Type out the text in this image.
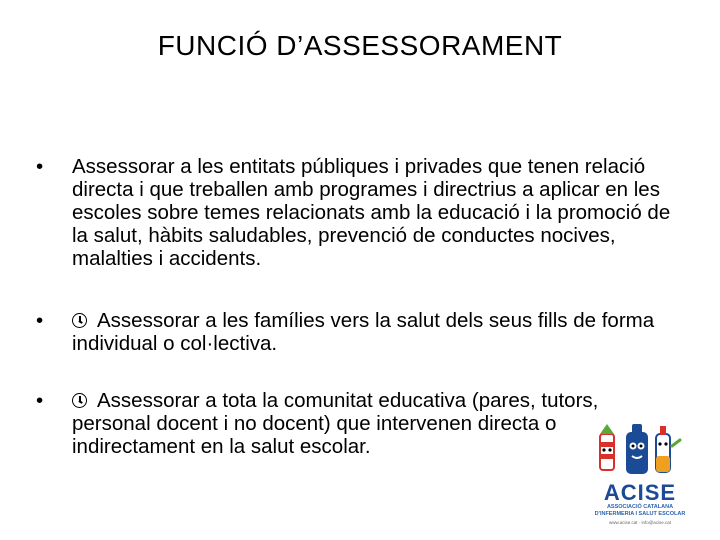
FUNCIÓ D’ASSESSORAMENT
•	Assessorar a les entitats públiques i privades que tenen relació directa i que treballen amb programes i directrius a aplicar en les escoles sobre temes relacionats amb la educació i la promoció de la salut, hàbits saludables, prevenció de conductes nocives, malalties i accidents.
•	Assessorar a les famílies vers la salut dels seus fills de forma individual o col·lectiva.
•	Assessorar a tota la comunitat educativa (pares, tutors, personal docent i no docent) que intervenen directa o indirectament en la salut escolar.
ACISE
ASSOCIACIÓ CATALANA D'INFERMERIA I SALUT ESCOLAR
www.acise.cat · info@acise.cat
